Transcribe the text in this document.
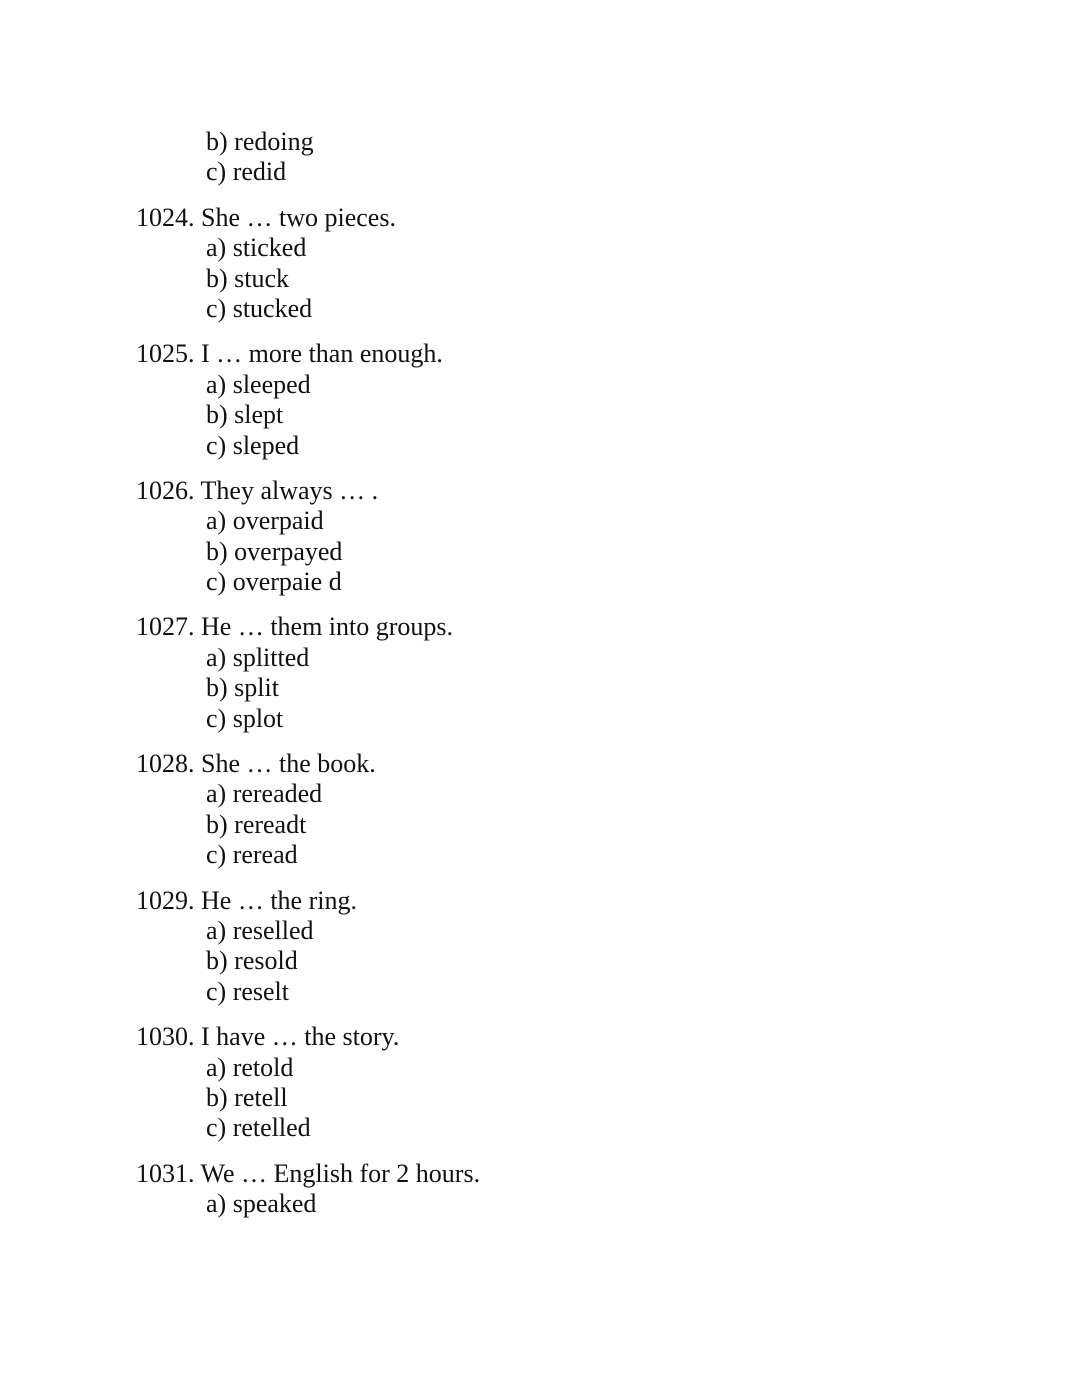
b) redoing
c) redid
1024. She … two pieces.
a) sticked
b) stuck
c) stucked
1025. I … more than enough.
a) sleeped
b) slept
c) sleped
1026. They always … .
a) overpaid
b) overpayed
c) overpaie d
1027. He … them into groups.
a) splitted
b) split
c) splot
1028. She … the book.
a) rereaded
b) rereadt
c) reread
1029. He … the ring.
a) reselled
b) resold
c) reselt
1030. I have … the story.
a) retold
b) retell
c) retelled
1031. We … English for 2 hours.
a) speaked
